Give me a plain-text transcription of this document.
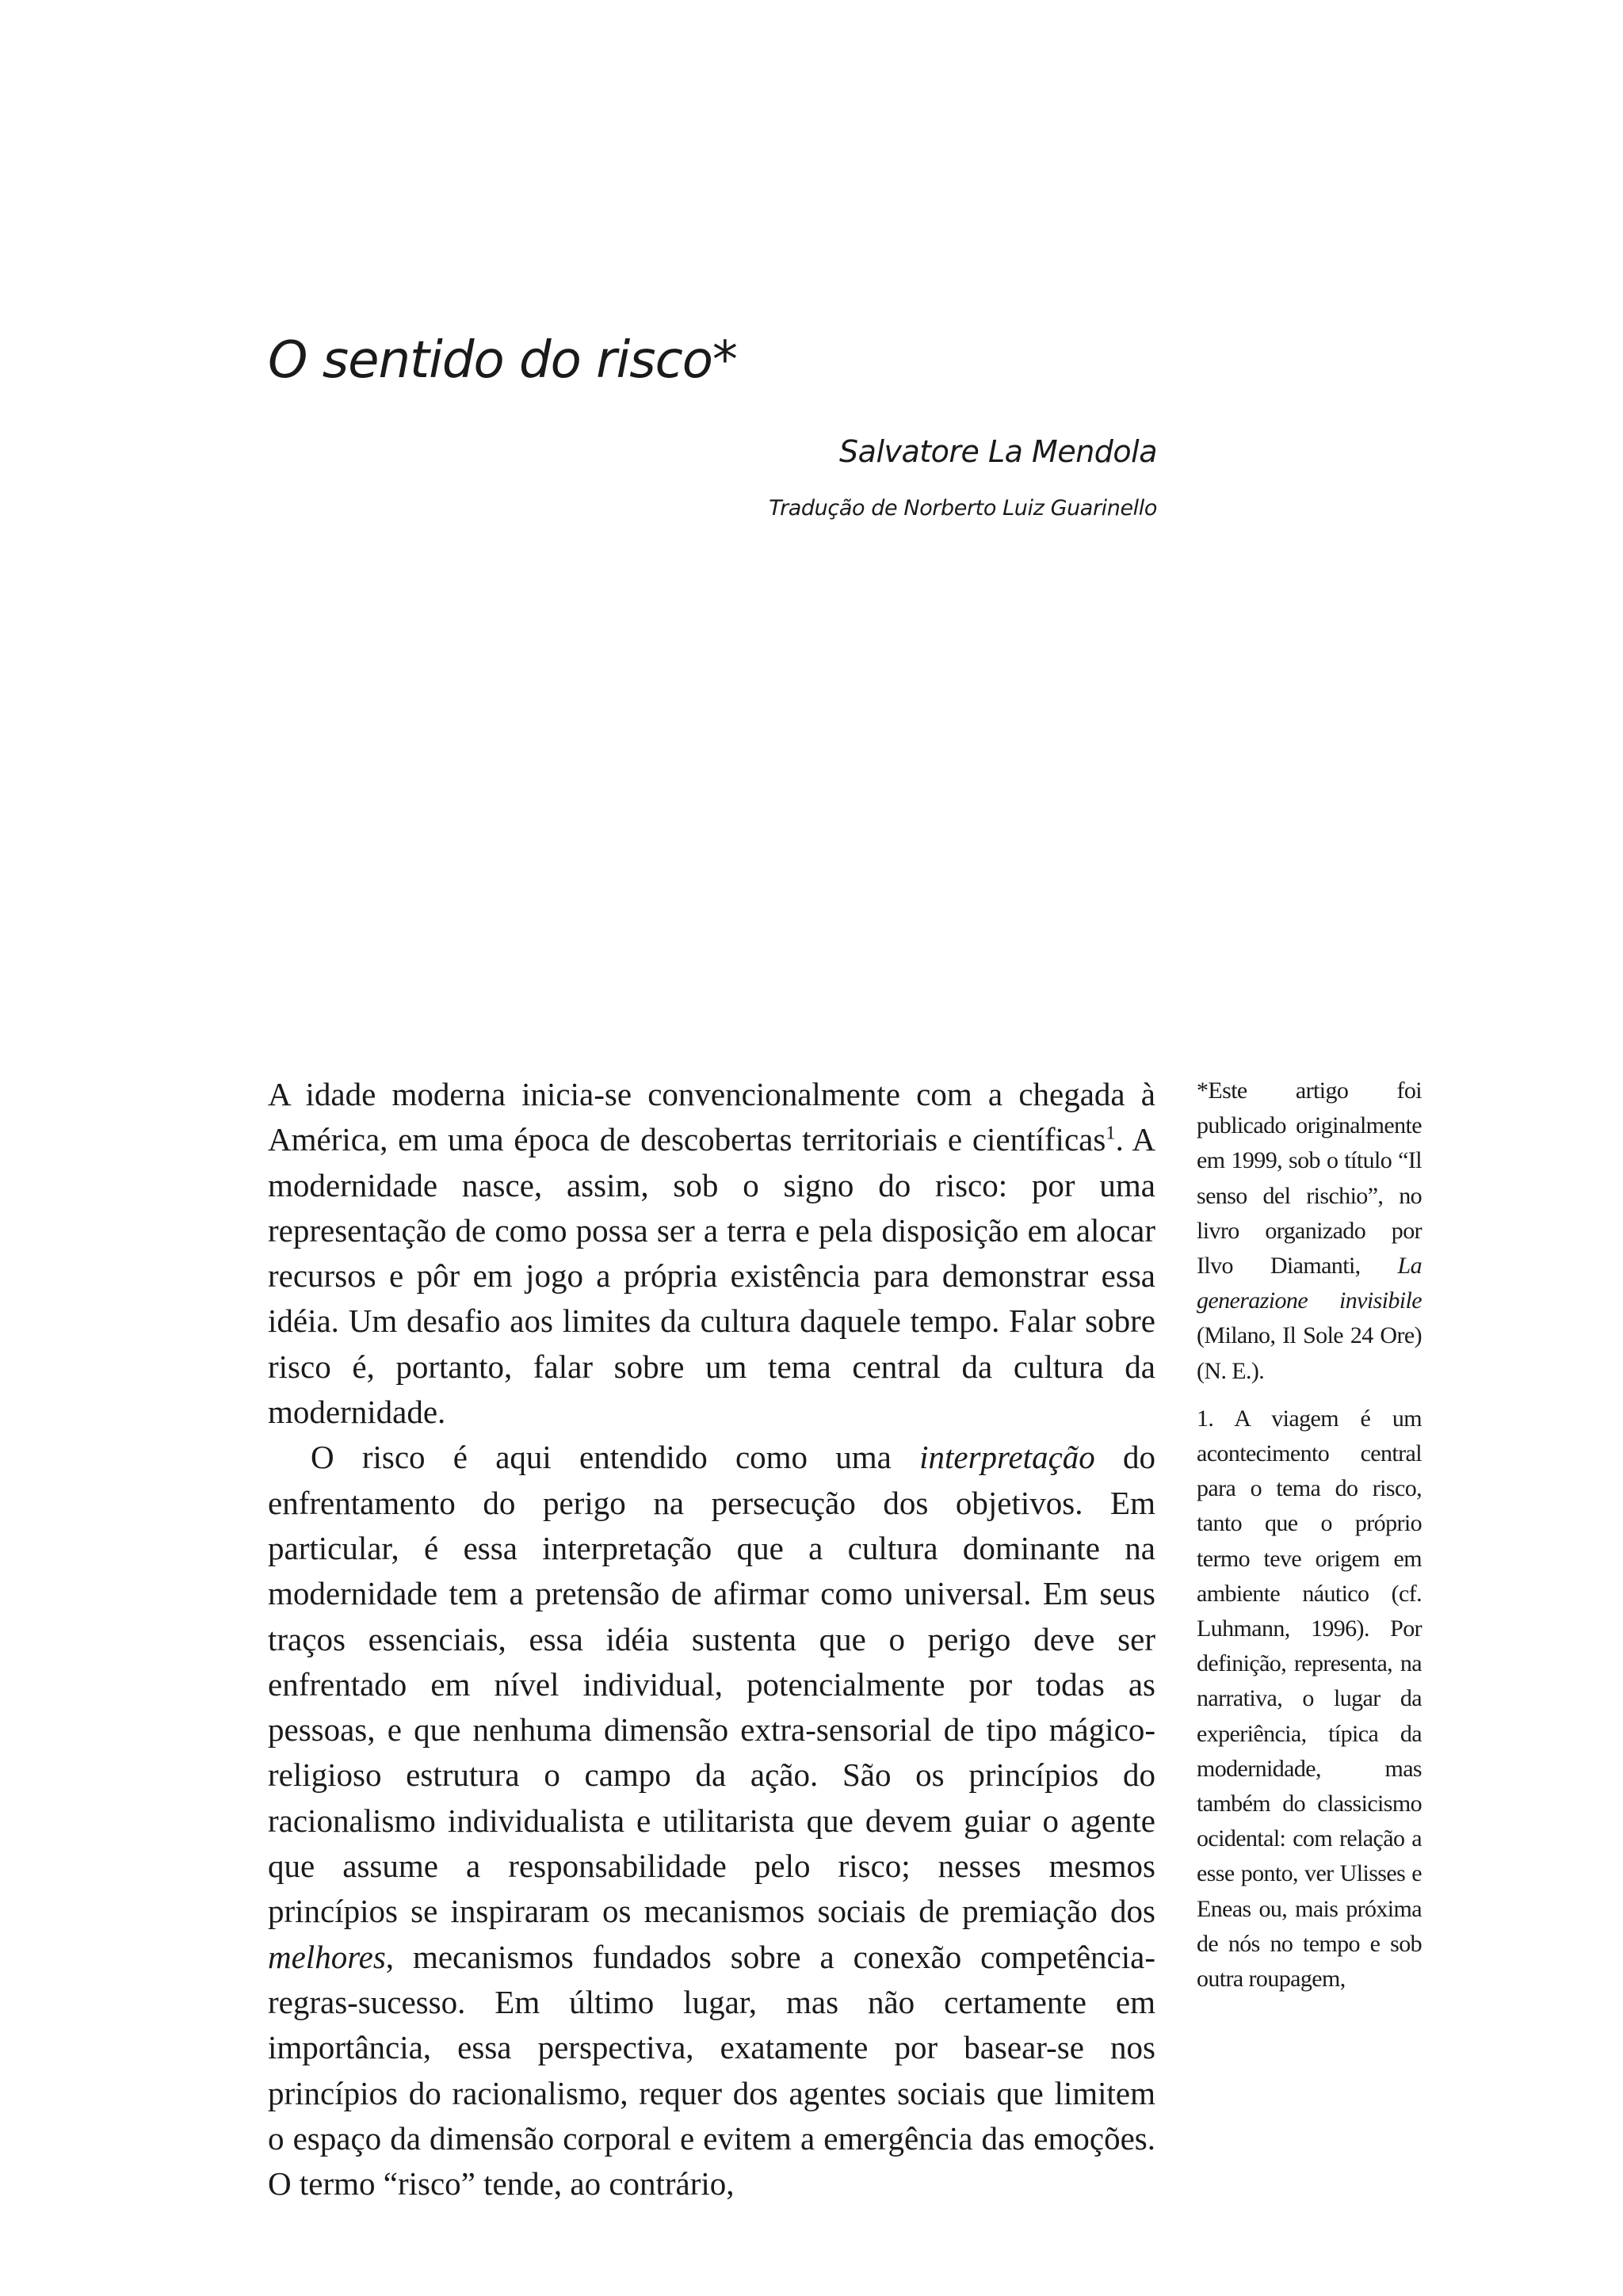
O sentido do risco*
Salvatore La Mendola
Tradução de Norberto Luiz Guarinello

A idade moderna inicia-se convencionalmente com a chegada à América, em uma época de descobertas territoriais e científicas$^1$. A modernidade nasce, assim, sob o signo do risco: por uma representação de como possa ser a terra e pela disposição em alocar recursos e pôr em jogo a própria existência para demonstrar essa idéia. Um desafio aos limites da cultura daquele tempo. Falar sobre risco é, portanto, falar sobre um tema central da cultura da modernidade.

O risco é aqui entendido como uma interpretação do enfrentamento do perigo na persecução dos objetivos. Em particular, é essa interpretação que a cultura dominante na modernidade tem a pretensão de afirmar como universal. Em seus traços essenciais, essa idéia sustenta que o perigo deve ser enfrentado em nível individual, potencialmente por todas as pessoas, e que nenhuma dimensão extra-sensorial de tipo mágico-religioso estrutura o campo da ação. São os princípios do racionalismo individualista e utilitarista que devem guiar o agente que assume a responsabilidade pelo risco; nesses mesmos princípios se inspiraram os mecanismos sociais de premiação dos melhores, mecanismos fundados sobre a conexão competência-regras-sucesso. Em último lugar, mas não certamente em importância, essa perspectiva, exatamente por basear-se nos princípios do racionalismo, requer dos agentes sociais que limitem o espaço da dimensão corporal e evitem a emergência das emoções. O termo “risco” tende, ao contrário,

*Este artigo foi publicado originalmente em 1999, sob o título “Il senso del rischio”, no livro organizado por Ilvo Diamanti, La generazione invisibile (Milano, Il Sole 24 Ore) (N. E.).

1. A viagem é um acontecimento central para o tema do risco, tanto que o próprio termo teve origem em ambiente náutico (cf. Luhmann, 1996). Por definição, representa, na narrativa, o lugar da experiência, típica da modernidade, mas também do classicismo ocidental: com relação a esse ponto, ver Ulisses e Eneas ou, mais próxima de nós no tempo e sob outra roupagem,
